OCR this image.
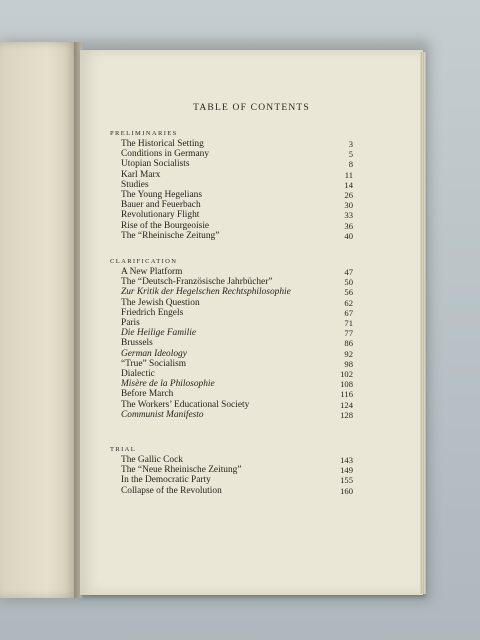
TABLE OF CONTENTS
PRELIMINARIES
The Historical Setting	3
Conditions in Germany	5
Utopian Socialists	8
Karl Marx	11
Studies	14
The Young Hegelians	26
Bauer and Feuerbach	30
Revolutionary Flight	33
Rise of the Bourgeoisie	36
The “Rheinische Zeitung”	40
CLARIFICATION
A New Platform	47
The “Deutsch-Französische Jahrbücher”	50
Zur Kritik der Hegelschen Rechtsphilosophie	56
The Jewish Question	62
Friedrich Engels	67
Paris	71
Die Heilige Familie	77
Brussels	86
German Ideology	92
“True” Socialism	98
Dialectic	102
Misère de la Philosophie	108
Before March	116
The Workers’ Educational Society	124
Communist Manifesto	128
TRIAL
The Gallic Cock	143
The “Neue Rheinische Zeitung”	149
In the Democratic Party	155
Collapse of the Revolution	160
